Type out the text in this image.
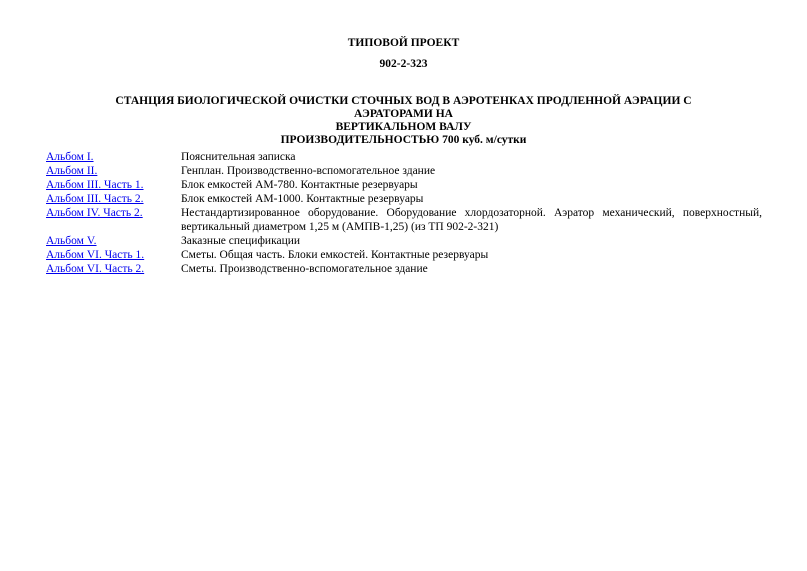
ТИПОВОЙ ПРОЕКТ

902-2-323

СТАНЦИЯ БИОЛОГИЧЕСКОЙ ОЧИСТКИ СТОЧНЫХ ВОД В АЭРОТЕНКАХ ПРОДЛЕННОЙ АЭРАЦИИ С АЭРАТОРАМИ НА
ВЕРТИКАЛЬНОМ ВАЛУ
ПРОИЗВОДИТЕЛЬНОСТЬЮ 700 куб. м/сутки
Альбом I.	Пояснительная записка
Альбом II.	Генплан. Производственно-вспомогательное здание
Альбом III. Часть 1.	Блок емкостей АМ-780. Контактные резервуары
Альбом III. Часть 2.	Блок емкостей АМ-1000. Контактные резервуары
Альбом IV. Часть 2.	Нестандартизированное оборудование. Оборудование хлордозаторной. Аэратор механический, поверхностный, вертикальный диаметром 1,25 м (АМПВ-1,25) (из ТП 902-2-321)
Альбом V.	Заказные спецификации
Альбом VI. Часть 1.	Сметы. Общая часть. Блоки емкостей. Контактные резервуары
Альбом VI. Часть 2.	Сметы. Производственно-вспомогательное здание
